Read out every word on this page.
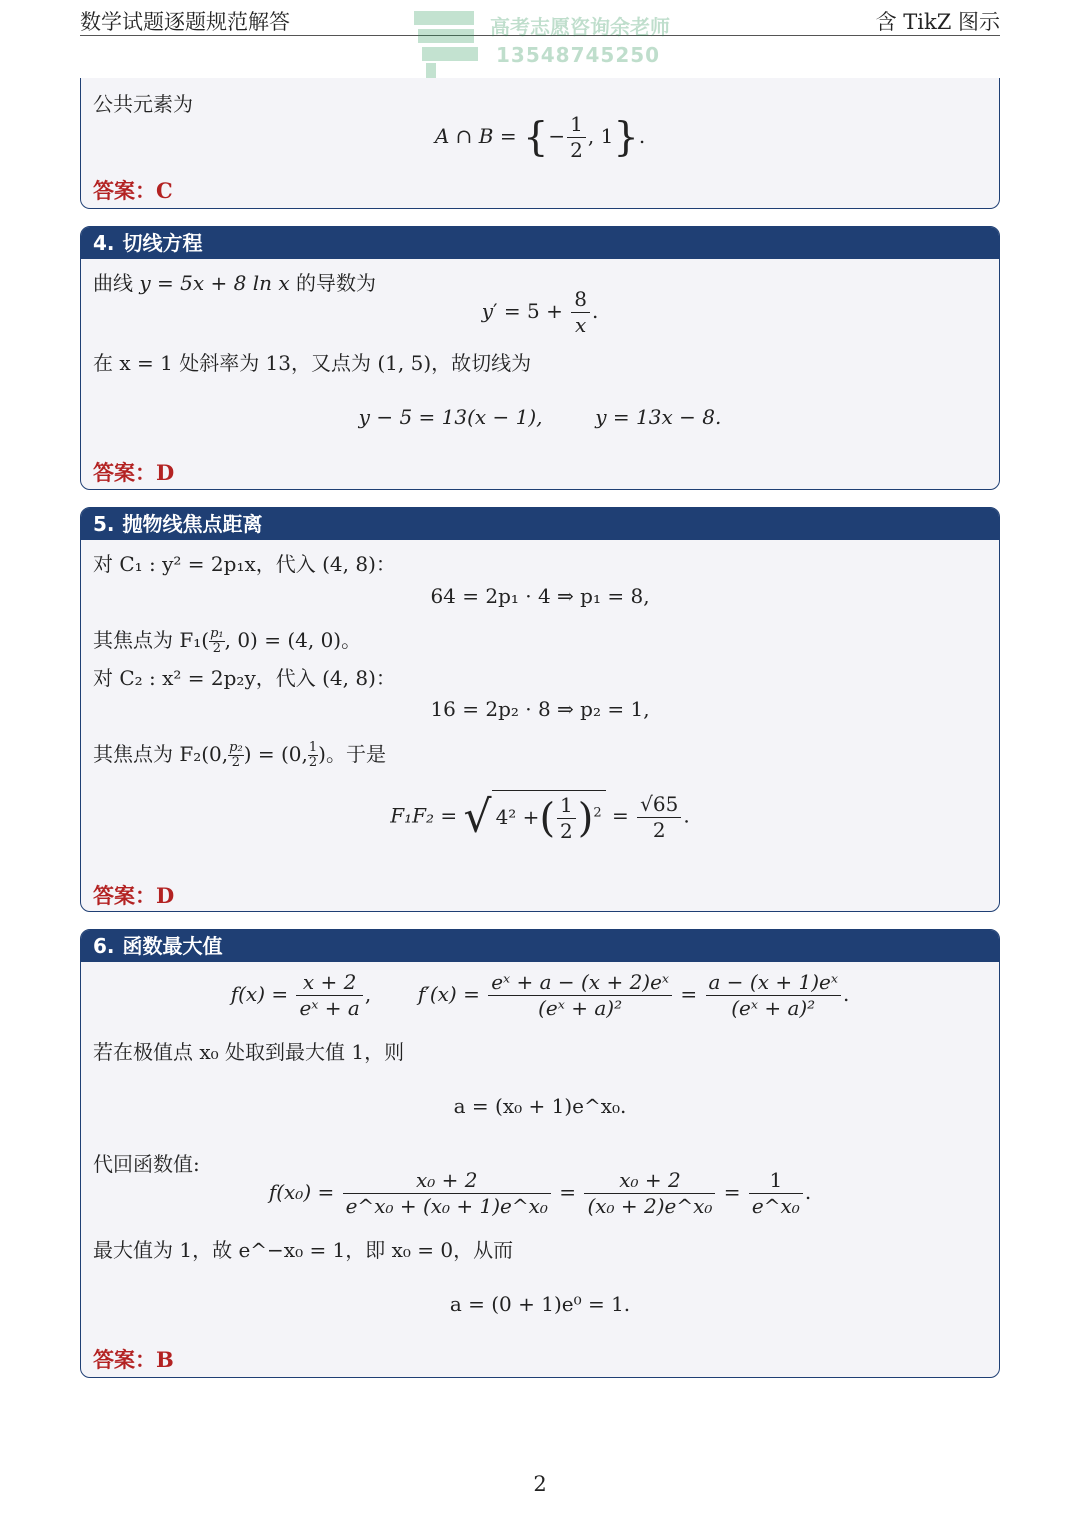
数学试题逐题规范解答	含 TikZ 图示
高考志愿咨询余老师
13548745250
公共元素为
A ∩ B = {− $\frac{1}{2}$ , 1}.
答案：C
4. 切线方程
曲线 y = 5x + 8 ln x 的导数为
$y' = 5 + \frac{8}{x}$ .
在 x = 1 处斜率为 13，又点为 (1, 5)，故切线为
y − 5 = 13(x − 1),	y = 13x − 8.
答案：D
5. 抛物线焦点距离
对 C₁ : y² = 2p₁x，代入 (4, 8)：
64 = 2p₁ · 4 ⇒ p₁ = 8,
其焦点为 $F_1( \frac{\text{p₁}}{2}$ , 0) = (4, 0)。
对 C₂ : x² = 2p₂y，代入 (4, 8)：
16 = 2p₂ · 8 ⇒ p₂ = 1,
其焦点为 F₂(0, $\frac{\text{p₂}}{2}$ ) = (0, $\frac{1}{2}$ )。于是
F₁F₂ = √ 4² +( $\frac{1}{2} )^2 = \frac{√65}{2}$ .
答案：D
6. 函数最大值
$f(x) = \frac{x + 2}{\text{eˣ + a}}$ ,  $f'(x) = \frac{\text{eˣ + a − (x + 2)eˣ}}{\text{(eˣ + a)²}} = \frac{\text{a − (x + 1)eˣ}}{\text{(eˣ + a)²}}$ .
若在极值点 x₀ 处取到最大值 1，则
a = (x₀ + 1)e^x₀.
代回函数值:
$f(x_0) = \frac{\text{x₀ + 2}}{\text{e\textasciicircum{}x₀ + (x₀ + 1)e\textasciicircum{}x₀}} = \frac{\text{x₀ + 2}}{\text{(x₀ + 2)e\textasciicircum{}x₀}} = \frac{1}{\text{e\textasciicircum{}x₀}}$ .
最大值为 1，故 e^−x₀ = 1，即 x₀ = 0，从而
a = (0 + 1)e⁰ = 1.
答案：B
2
